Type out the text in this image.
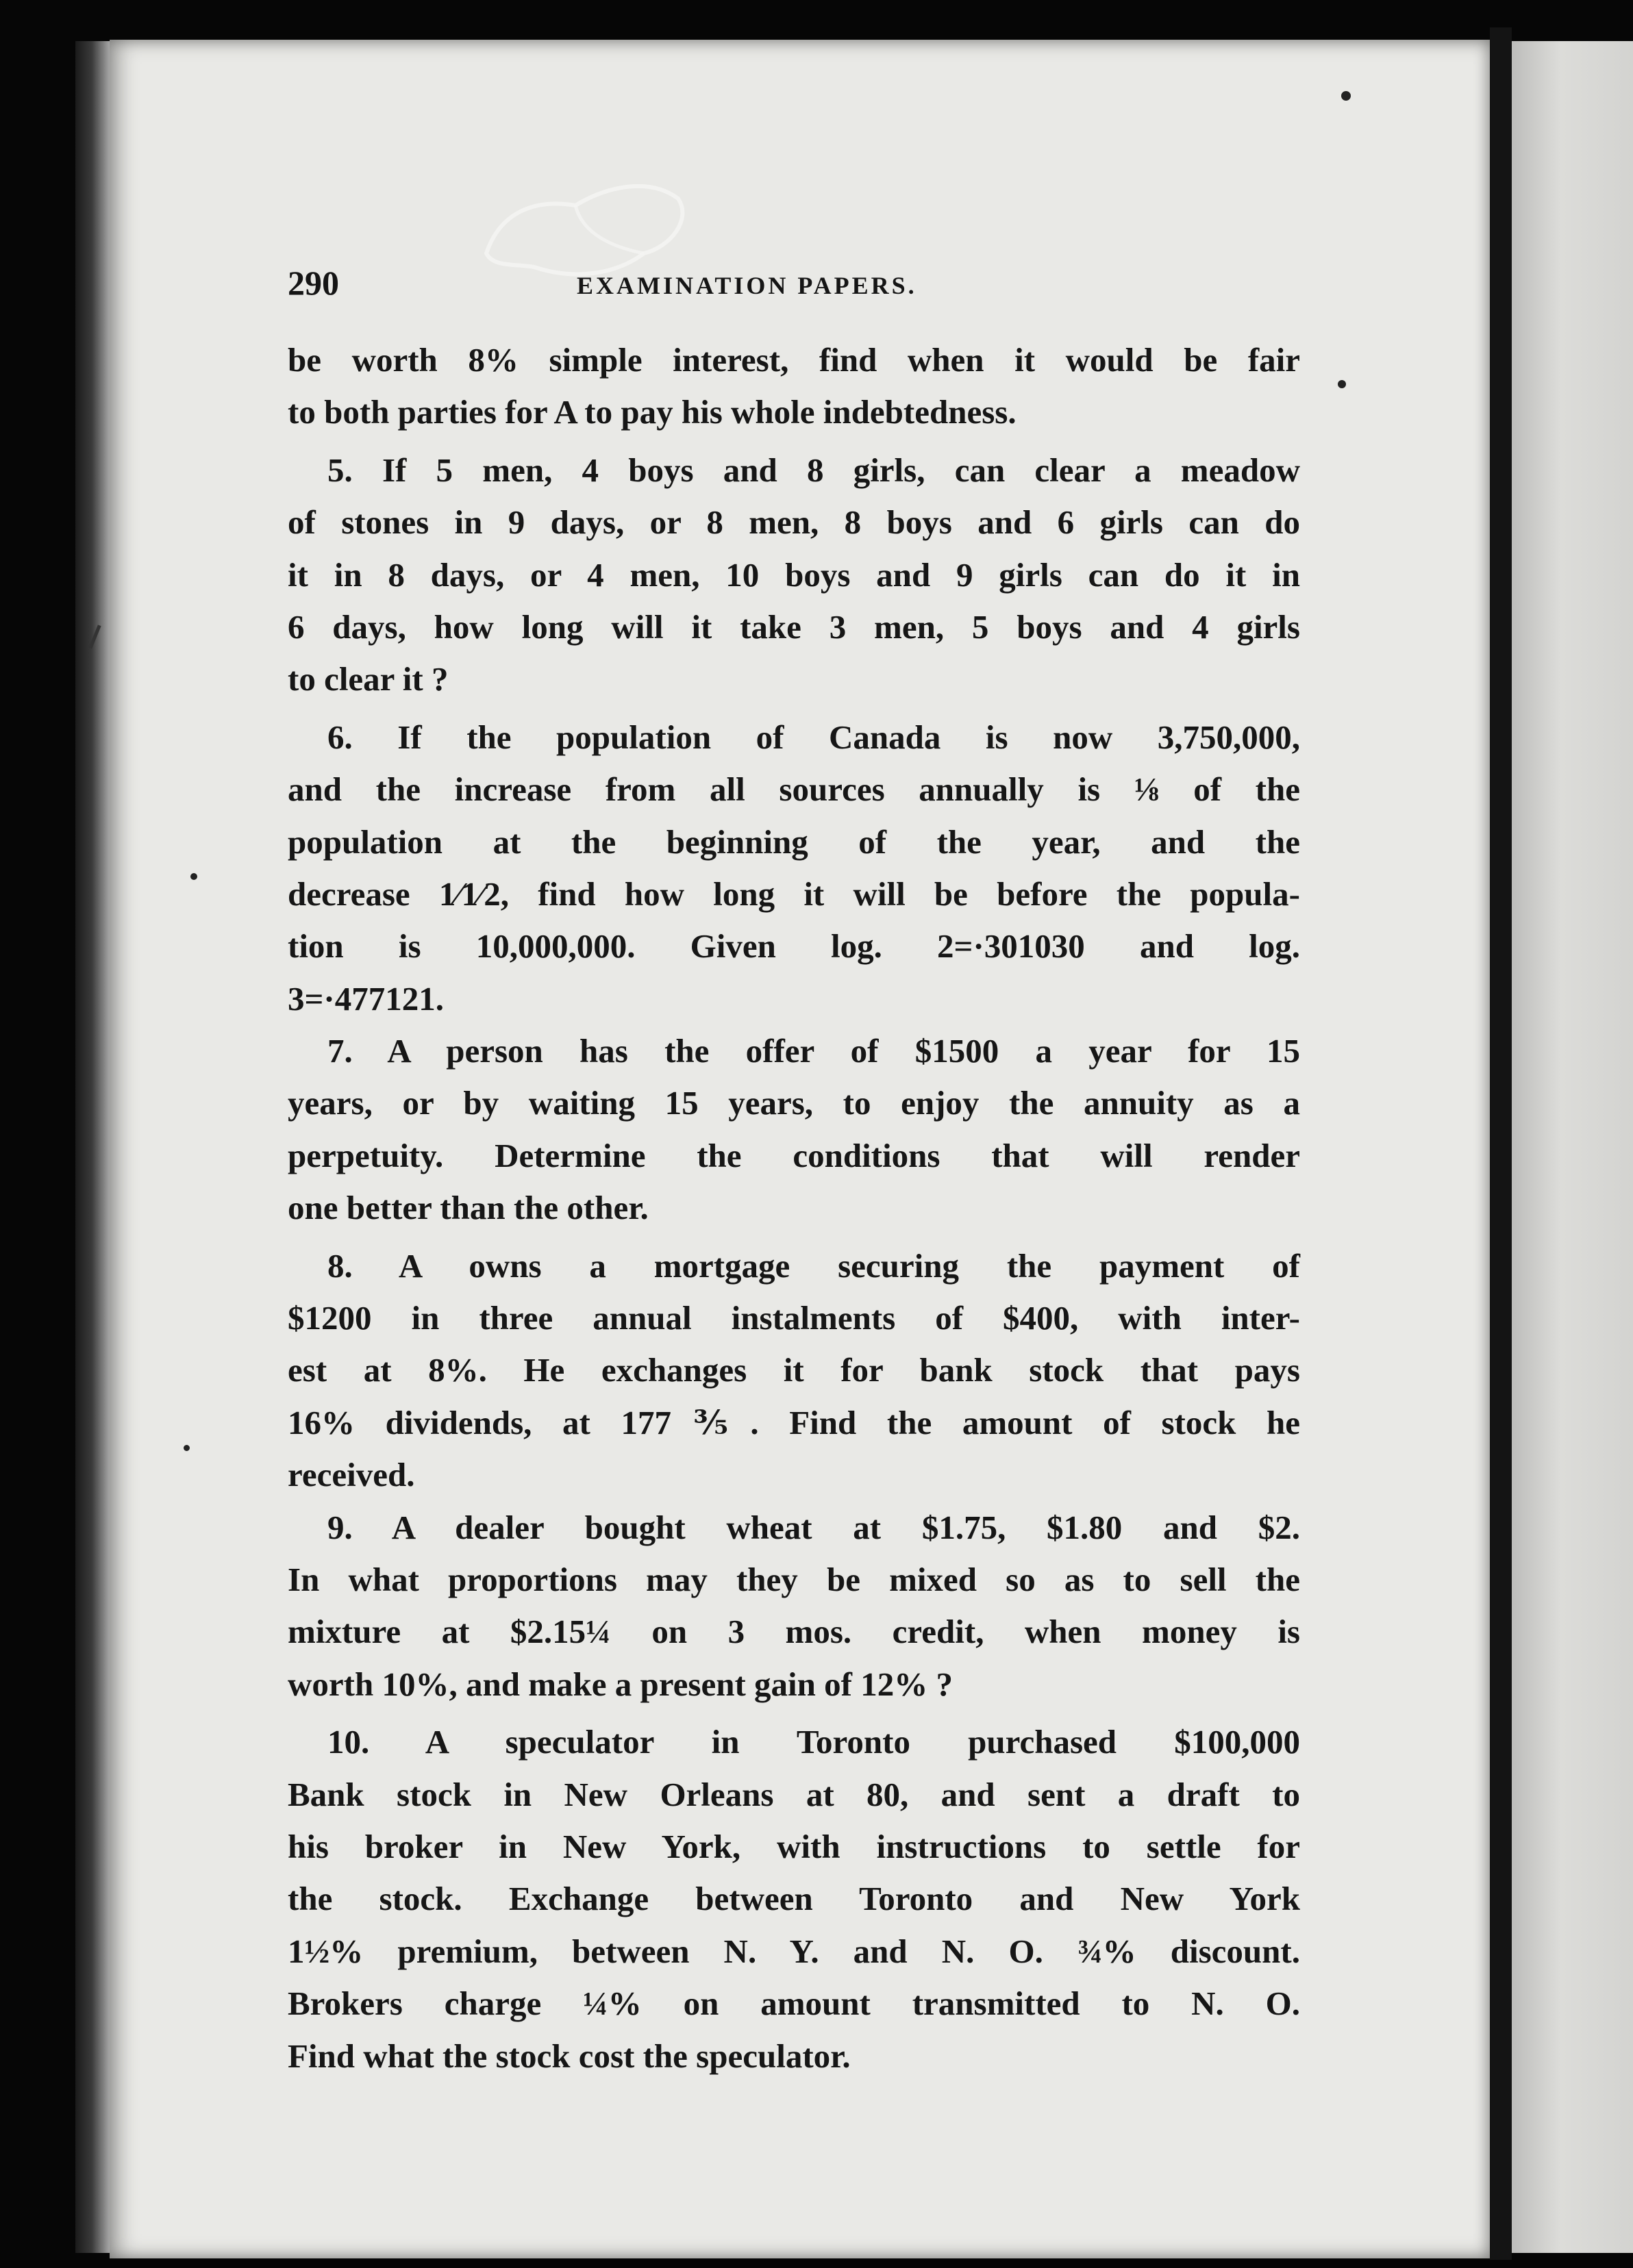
290	EXAMINATION PAPERS.
be worth 8% simple interest, find when it would be fair
to both parties for A to pay his whole indebtedness.
5. If 5 men, 4 boys and 8 girls, can clear a meadow
of stones in 9 days, or 8 men, 8 boys and 6 girls can do
it in 8 days, or 4 men, 10 boys and 9 girls can do it in
6 days, how long will it take 3 men, 5 boys and 4 girls
to clear it ?
6. If the population of Canada is now 3,750,000,
and the increase from all sources annually is ⅛ of the
population at the beginning of the year, and the
decrease 1⁄1⁄2, find how long it will be before the popula-
tion is 10,000,000. Given log. 2=·301030 and log.
3=·477121.
7. A person has the offer of $1500 a year for 15
years, or by waiting 15 years, to enjoy the annuity as a
perpetuity. Determine the conditions that will render
one better than the other.
8. A owns a mortgage securing the payment of
$1200 in three annual instalments of $400, with inter-
est at 8%. He exchanges it for bank stock that pays
16% dividends, at 177⅗. Find the amount of stock he
received.
9. A dealer bought wheat at $1.75, $1.80 and $2.
In what proportions may they be mixed so as to sell the
mixture at $2.15¼ on 3 mos. credit, when money is
worth 10%, and make a present gain of 12% ?
10. A speculator in Toronto purchased $100,000
Bank stock in New Orleans at 80, and sent a draft to
his broker in New York, with instructions to settle for
the stock. Exchange between Toronto and New York
1½% premium, between N. Y. and N. O. ¾% discount.
Brokers charge ¼% on amount transmitted to N. O.
Find what the stock cost the speculator.
